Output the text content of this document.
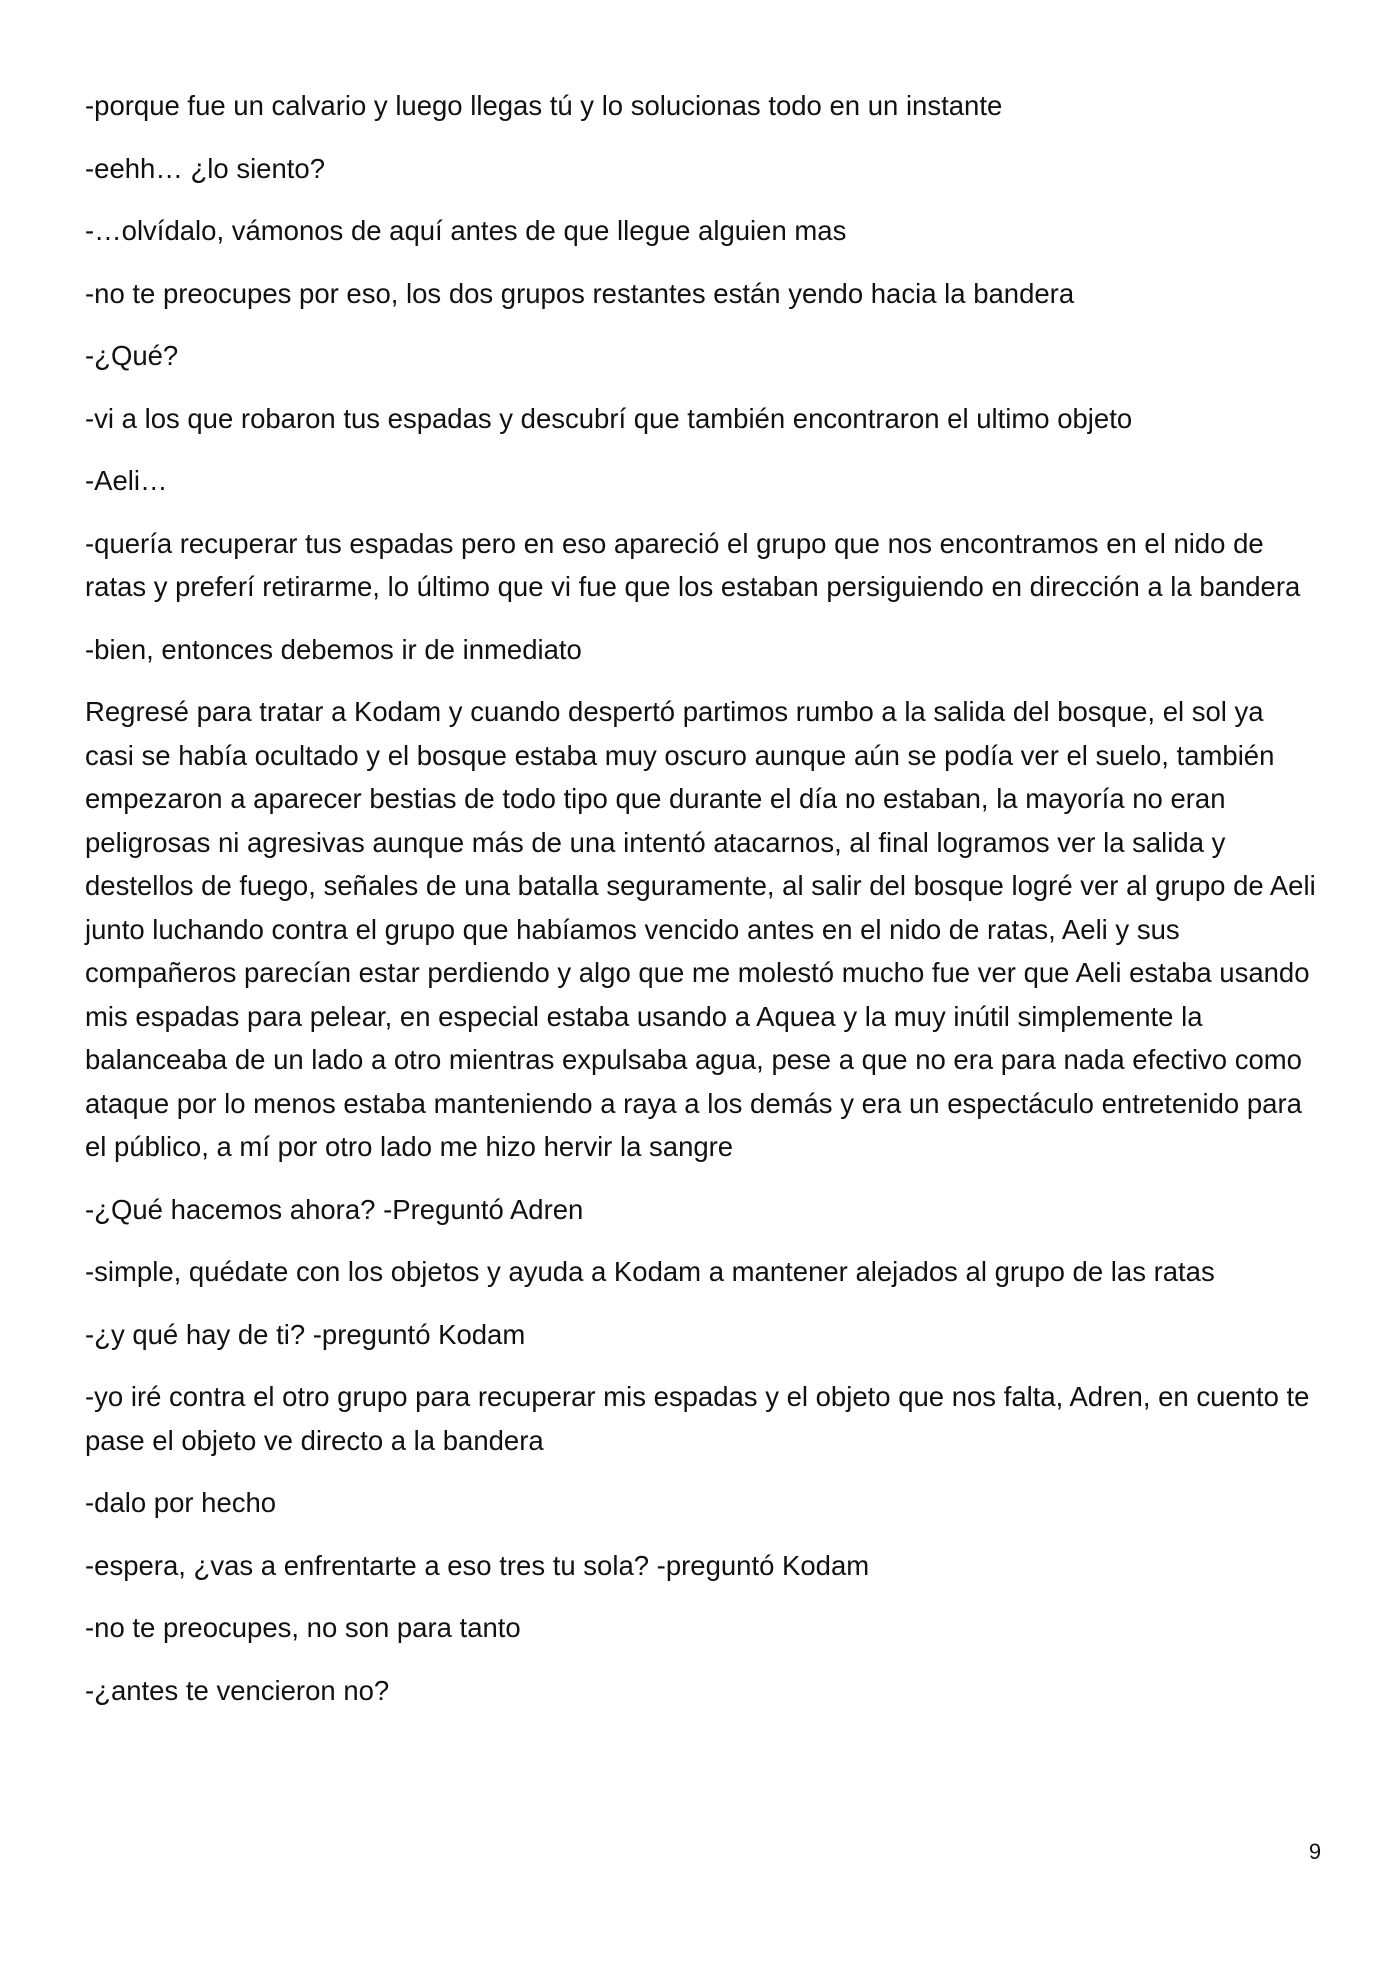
-porque fue un calvario y luego llegas tú y lo solucionas todo en un instante

-eehh… ¿lo siento?

-…olvídalo, vámonos de aquí antes de que llegue alguien mas

-no te preocupes por eso, los dos grupos restantes están yendo hacia la bandera

-¿Qué?

-vi a los que robaron tus espadas y descubrí que también encontraron el ultimo objeto

-Aeli…

-quería recuperar tus espadas pero en eso apareció el grupo que nos encontramos en el nido de ratas y preferí retirarme, lo último que vi fue que los estaban persiguiendo en dirección a la bandera

-bien, entonces debemos ir de inmediato

Regresé para tratar a Kodam y cuando despertó partimos rumbo a la salida del bosque, el sol ya casi se había ocultado y el bosque estaba muy oscuro aunque aún se podía ver el suelo, también empezaron a aparecer bestias de todo tipo que durante el día no estaban, la mayoría no eran peligrosas ni agresivas aunque más de una intentó atacarnos, al final logramos ver la salida y destellos de fuego, señales de una batalla seguramente, al salir del bosque logré ver al grupo de Aeli junto luchando contra el grupo que habíamos vencido antes en el nido de ratas, Aeli y sus compañeros parecían estar perdiendo y algo que me molestó mucho fue ver que Aeli estaba usando mis espadas para pelear, en especial estaba usando a Aquea y la muy inútil simplemente la balanceaba de un lado a otro mientras expulsaba agua, pese a que no era para nada efectivo como ataque por lo menos estaba manteniendo a raya a los demás y era un espectáculo entretenido para el público, a mí por otro lado me hizo hervir la sangre

-¿Qué hacemos ahora? -Preguntó Adren

-simple, quédate con los objetos y ayuda a Kodam a mantener alejados al grupo de las ratas

-¿y qué hay de ti? -preguntó Kodam

-yo iré contra el otro grupo para recuperar mis espadas y el objeto que nos falta, Adren, en cuento te pase el objeto ve directo a la bandera

-dalo por hecho

-espera, ¿vas a enfrentarte a eso tres tu sola? -preguntó Kodam

-no te preocupes, no son para tanto

-¿antes te vencieron no?

9
